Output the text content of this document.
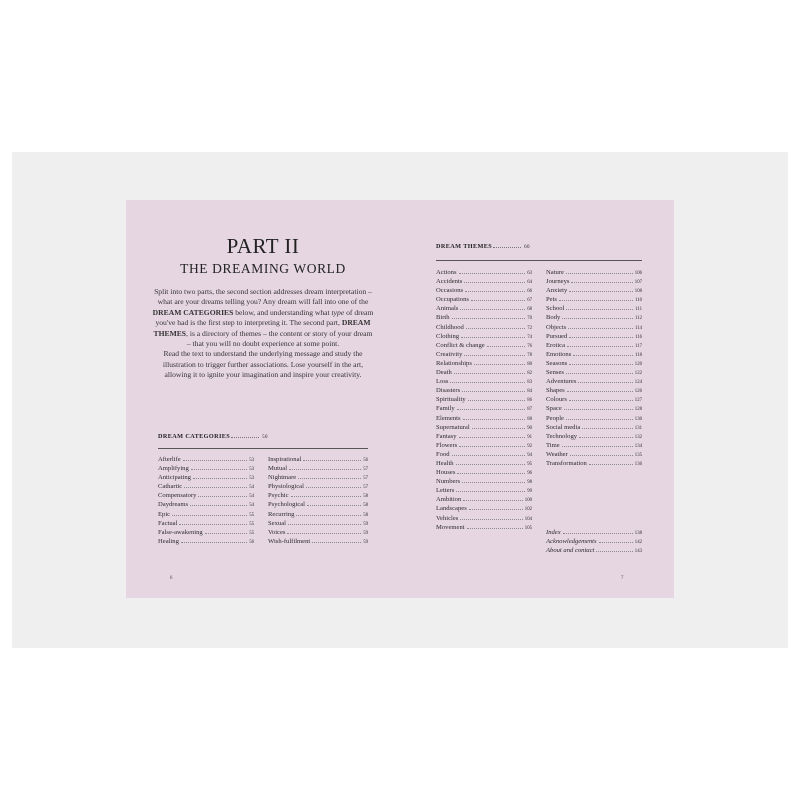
PART II
THE DREAMING WORLD

Split into two parts, the second section addresses dream interpretation – what are your dreams telling you? Any dream will fall into one of the DREAM CATEGORIES below, and understanding what type of dream you've had is the first step to interpreting it. The second part, DREAM THEMES, is a directory of themes – the content or story of your dream – that you will no doubt experience at some point.

Read the text to understand the underlying message and study the illustration to trigger further associations. Lose yourself in the art, allowing it to ignite your imagination and inspire your creativity.

DREAM CATEGORIES	50
Afterlife	53
Amplifying	53
Anticipating	53
Cathartic	54
Compensatory	54
Daydreams	54
Epic	55
Factual	55
False-awakening	55
Healing	56
Inspirational	56
Mutual	57
Nightmare	57
Physiological	57
Psychic	58
Psychological	58
Recurring	58
Sexual	59
Voices	59
Wish-fulfilment	59
6
DREAM THEMES	60
Actions	63
Accidents	64
Occasions	66
Occupations	67
Animals	68
Birth	70
Childhood	72
Clothing	74
Conflict & change	76
Creativity	78
Relationships	80
Death	82
Loss	83
Disasters	84
Spirituality	86
Family	87
Elements	88
Supernatural	90
Fantasy	91
Flowers	92
Food	94
Health	95
Houses	96
Numbers	98
Letters	99
Ambition	100
Landscapes	102
Vehicles	104
Movement	105
Nature	106
Journeys	107
Anxiety	108
Pets	110
School	111
Body	112
Objects	114
Pursued	116
Erotica	117
Emotions	118
Seasons	120
Senses	122
Adventures	124
Shapes	126
Colours	127
Space	128
People	130
Social media	131
Technology	132
Time	134
Weather	135
Transformation	136
Index	138
Acknowledgements	142
About and contact	143
7
